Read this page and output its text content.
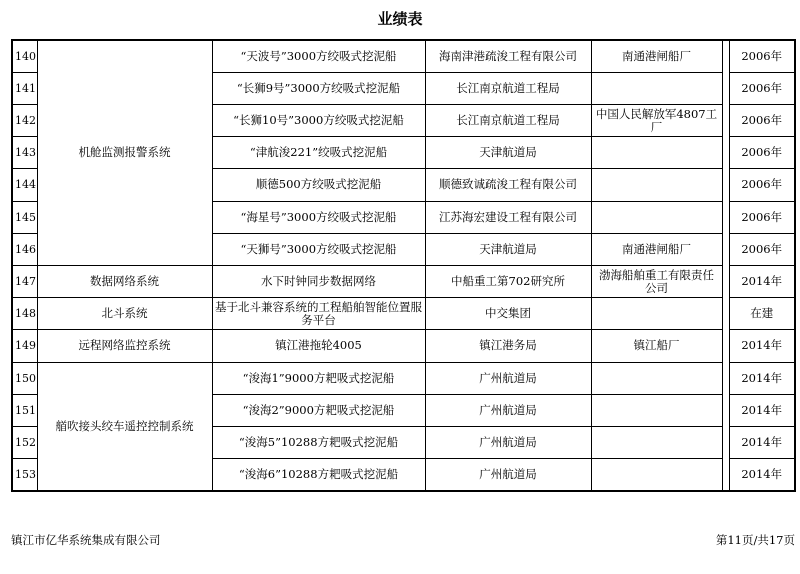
业绩表
140	机舱监测报警系统	“天波号”3000方绞吸式挖泥船	海南津港疏浚工程有限公司	南通港闸船厂		2006年
141		“长狮9号”3000方绞吸式挖泥船	长江南京航道工程局			2006年
142		“长狮10号”3000方绞吸式挖泥船	长江南京航道工程局	中国人民解放军4807工厂		2006年
143		“津航浚221”绞吸式挖泥船	天津航道局			2006年
144		顺德500方绞吸式挖泥船	顺德致诚疏浚工程有限公司			2006年
145		“海星号”3000方绞吸式挖泥船	江苏海宏建设工程有限公司			2006年
146		“天狮号”3000方绞吸式挖泥船	天津航道局	南通港闸船厂		2006年
147	数据网络系统	水下时钟同步数据网络	中船重工第702研究所	渤海船舶重工有限责任公司		2014年
148	北斗系统	基于北斗兼容系统的工程船舶智能位置服务平台	中交集团			在建
149	远程网络监控系统	镇江港拖轮4005	镇江港务局	镇江船厂		2014年
150	艏吹接头绞车遥控控制系统	“浚海1”9000方耙吸式挖泥船	广州航道局			2014年
151		“浚海2”9000方耙吸式挖泥船	广州航道局			2014年
152		“浚海5”10288方耙吸式挖泥船	广州航道局			2014年
153		“浚海6”10288方耙吸式挖泥船	广州航道局			2014年
镇江市亿华系统集成有限公司	第11页/共17页
